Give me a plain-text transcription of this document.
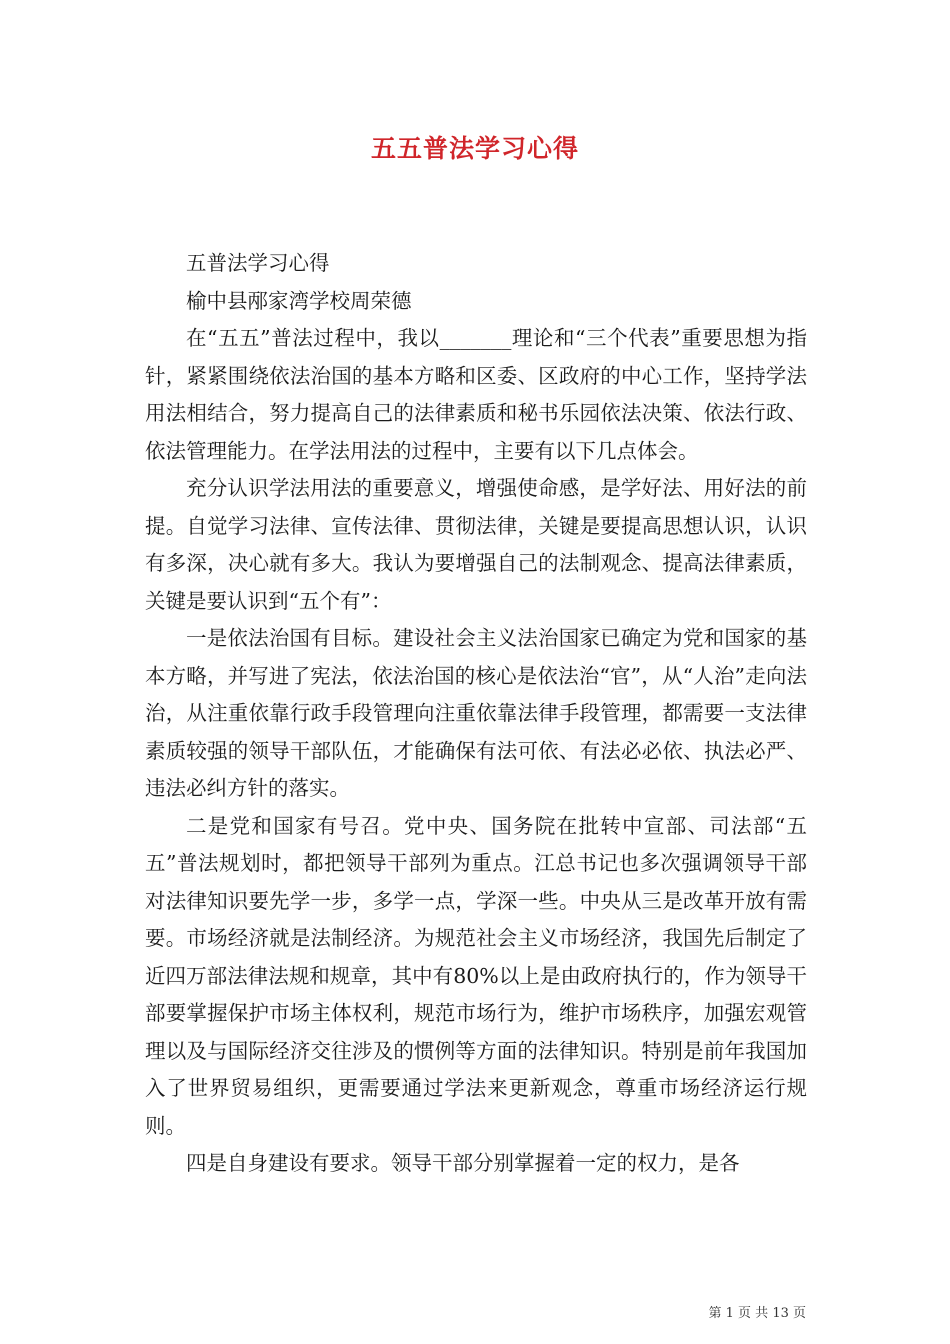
五五普法学习心得

五普法学习心得

榆中县邴家湾学校周荣德

在“五五”普法过程中，我以_______理论和“三个代表”重要思想为指针，紧紧围绕依法治国的基本方略和区委、区政府的中心工作，坚持学法用法相结合，努力提高自己的法律素质和秘书乐园依法决策、依法行政、依法管理能力。在学法用法的过程中，主要有以下几点体会。

充分认识学法用法的重要意义，增强使命感，是学好法、用好法的前提。自觉学习法律、宣传法律、贯彻法律，关键是要提高思想认识，认识有多深，决心就有多大。我认为要增强自己的法制观念、提高法律素质，关键是要认识到“五个有”：

一是依法治国有目标。建设社会主义法治国家已确定为党和国家的基本方略，并写进了宪法，依法治国的核心是依法治“官”，从“人治”走向法治，从注重依靠行政手段管理向注重依靠法律手段管理，都需要一支法律素质较强的领导干部队伍，才能确保有法可依、有法必必依、执法必严、违法必纠方针的落实。

二是党和国家有号召。党中央、国务院在批转中宣部、司法部“五五”普法规划时，都把领导干部列为重点。江总书记也多次强调领导干部对法律知识要先学一步，多学一点，学深一些。中央从三是改革开放有需要。市场经济就是法制经济。为规范社会主义市场经济，我国先后制定了近四万部法律法规和规章，其中有80%以上是由政府执行的，作为领导干部要掌握保护市场主体权利，规范市场行为，维护市场秩序，加强宏观管理以及与国际经济交往涉及的惯例等方面的法律知识。特别是前年我国加入了世界贸易组织，更需要通过学法来更新观念，尊重市场经济运行规则。

四是自身建设有要求。领导干部分别掌握着一定的权力，是各

第 1 页 共 13 页
